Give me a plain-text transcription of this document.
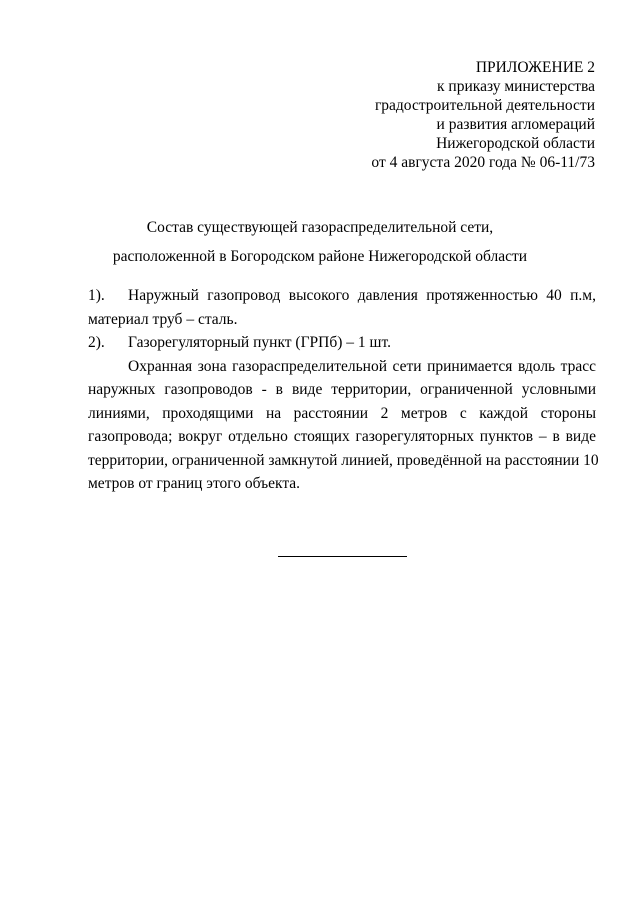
ПРИЛОЖЕНИЕ 2
к приказу министерства
градостроительной деятельности
и развития агломераций
Нижегородской области
от 4 августа 2020 года № 06-11/73
Состав существующей газораспределительной сети,
расположенной в Богородском районе Нижегородской области
1).	Наружный газопровод высокого давления протяженностью 40 п.м,
материал труб – сталь.
2).	Газорегуляторный пункт (ГРПб) – 1 шт.
Охранная зона газораспределительной сети принимается вдоль трасс
наружных газопроводов - в виде территории, ограниченной условными
линиями, проходящими на расстоянии 2 метров с каждой стороны
газопровода; вокруг отдельно стоящих газорегуляторных пунктов – в виде
территории, ограниченной замкнутой линией, проведённой на расстоянии 10
метров от границ этого объекта.
